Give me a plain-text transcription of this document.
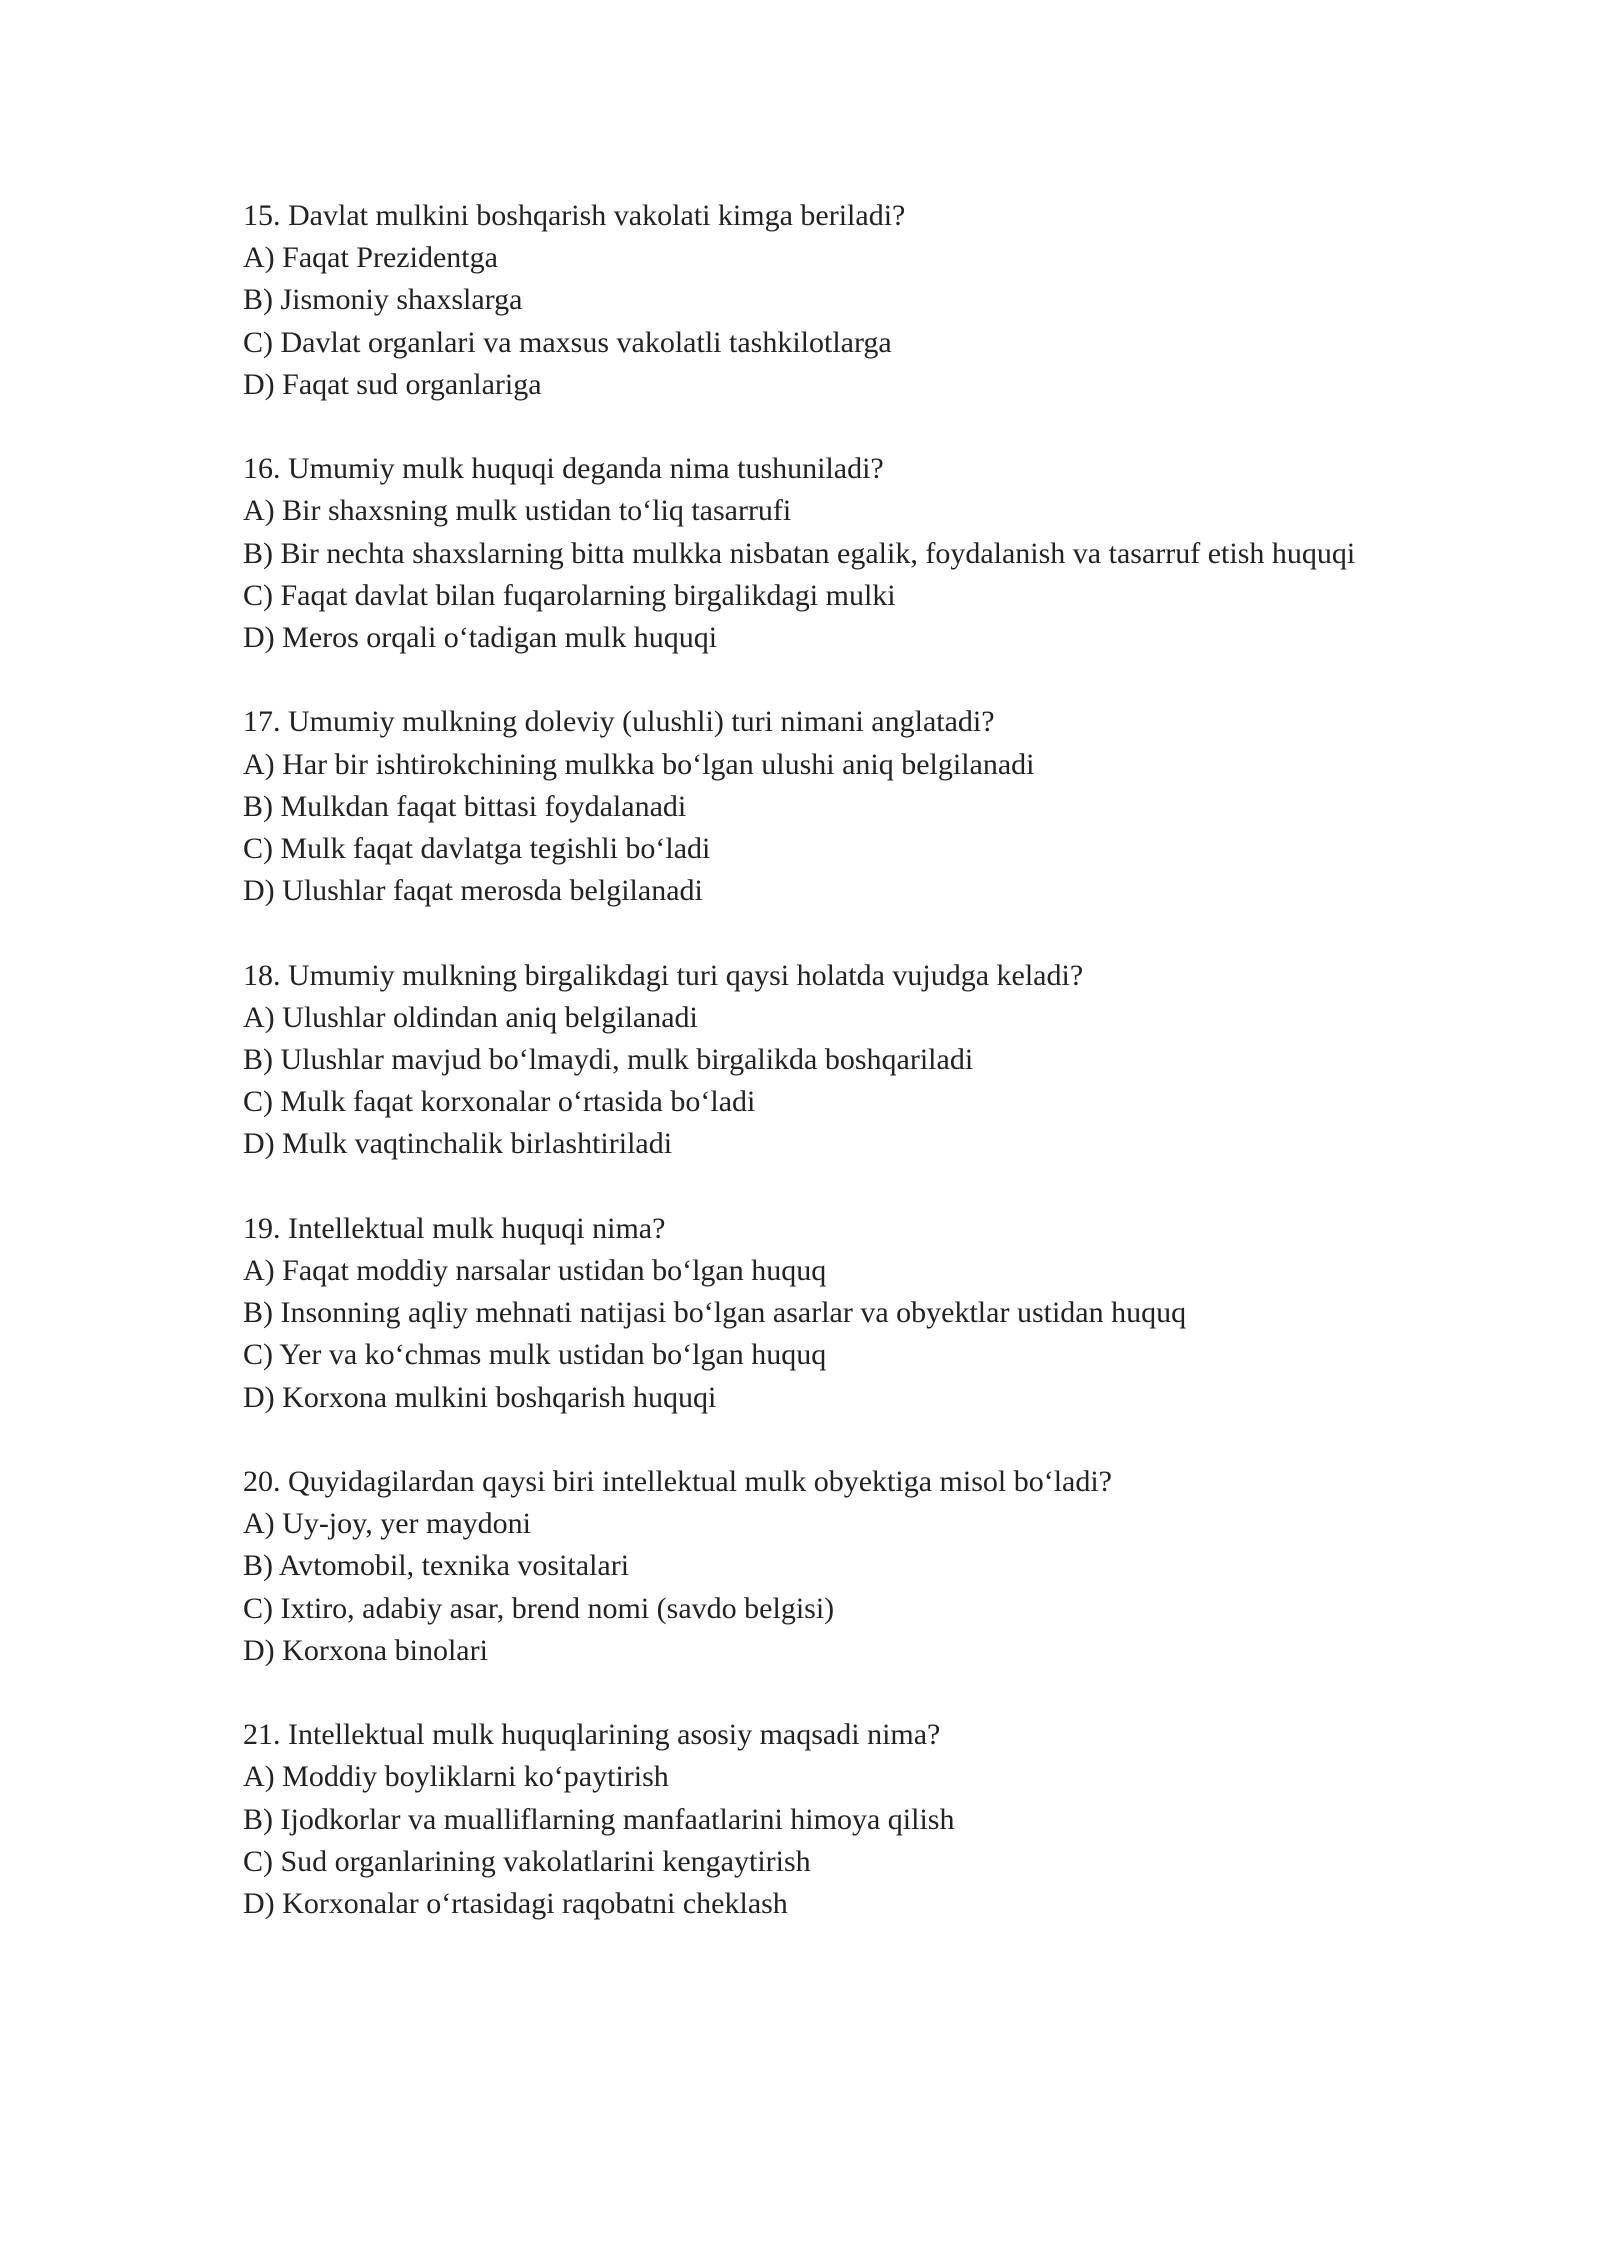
15. Davlat mulkini boshqarish vakolati kimga beriladi?

A) Faqat Prezidentga

B) Jismoniy shaxslarga

C) Davlat organlari va maxsus vakolatli tashkilotlarga

D) Faqat sud organlariga

16. Umumiy mulk huquqi deganda nima tushuniladi?

A) Bir shaxsning mulk ustidan to‘liq tasarrufi

B) Bir nechta shaxslarning bitta mulkka nisbatan egalik, foydalanish va tasarruf etish huquqi

C) Faqat davlat bilan fuqarolarning birgalikdagi mulki

D) Meros orqali o‘tadigan mulk huquqi

17. Umumiy mulkning doleviy (ulushli) turi nimani anglatadi?

A) Har bir ishtirokchining mulkka bo‘lgan ulushi aniq belgilanadi

B) Mulkdan faqat bittasi foydalanadi

C) Mulk faqat davlatga tegishli bo‘ladi

D) Ulushlar faqat merosda belgilanadi

18. Umumiy mulkning birgalikdagi turi qaysi holatda vujudga keladi?

A) Ulushlar oldindan aniq belgilanadi

B) Ulushlar mavjud bo‘lmaydi, mulk birgalikda boshqariladi

C) Mulk faqat korxonalar o‘rtasida bo‘ladi

D) Mulk vaqtinchalik birlashtiriladi

19. Intellektual mulk huquqi nima?

A) Faqat moddiy narsalar ustidan bo‘lgan huquq

B) Insonning aqliy mehnati natijasi bo‘lgan asarlar va obyektlar ustidan huquq

C) Yer va ko‘chmas mulk ustidan bo‘lgan huquq

D) Korxona mulkini boshqarish huquqi

20. Quyidagilardan qaysi biri intellektual mulk obyektiga misol bo‘ladi?

A) Uy-joy, yer maydoni

B) Avtomobil, texnika vositalari

C) Ixtiro, adabiy asar, brend nomi (savdo belgisi)

D) Korxona binolari

21. Intellektual mulk huquqlarining asosiy maqsadi nima?

A) Moddiy boyliklarni ko‘paytirish

B) Ijodkorlar va mualliflarning manfaatlarini himoya qilish

C) Sud organlarining vakolatlarini kengaytirish

D) Korxonalar o‘rtasidagi raqobatni cheklash
